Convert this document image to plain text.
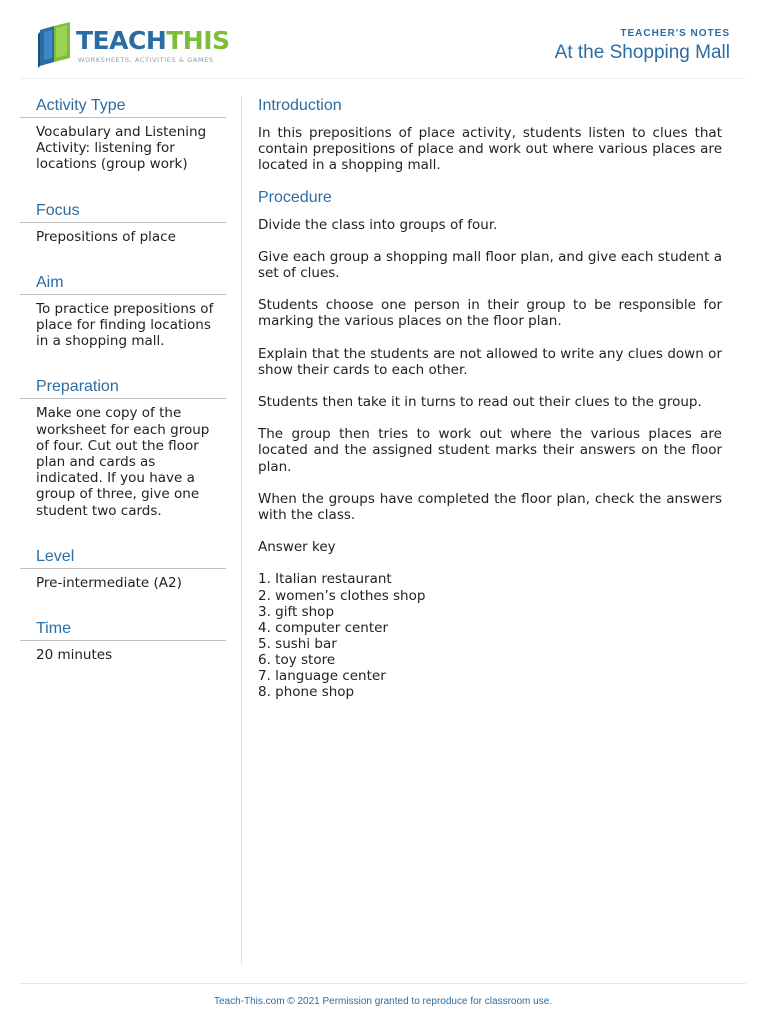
TEACHTHIS
WORKSHEETS, ACTIVITIES & GAMES
TEACHER'S NOTES
At the Shopping Mall
Activity Type
Vocabulary and Listening Activity: listening for locations (group work)
Focus
Prepositions of place
Aim
To practice prepositions of place for finding locations in a shopping mall.
Preparation
Make one copy of the worksheet for each group of four. Cut out the floor plan and cards as indicated. If you have a group of three, give one student two cards.
Level
Pre-intermediate (A2)
Time
20 minutes
Introduction

In this prepositions of place activity, students listen to clues that contain prepositions of place and work out where various places are located in a shopping mall.

Procedure

Divide the class into groups of four.

Give each group a shopping mall floor plan, and give each student a set of clues.

Students choose one person in their group to be responsible for marking the various places on the floor plan.

Explain that the students are not allowed to write any clues down or show their cards to each other.

Students then take it in turns to read out their clues to the group.

The group then tries to work out where the various places are located and the assigned student marks their answers on the floor plan.

When the groups have completed the floor plan, check the answers with the class.

Answer key

1. Italian restaurant
2. women’s clothes shop
3. gift shop
4. computer center
5. sushi bar
6. toy store
7. language center
8. phone shop
Teach-This.com © 2021 Permission granted to reproduce for classroom use.
